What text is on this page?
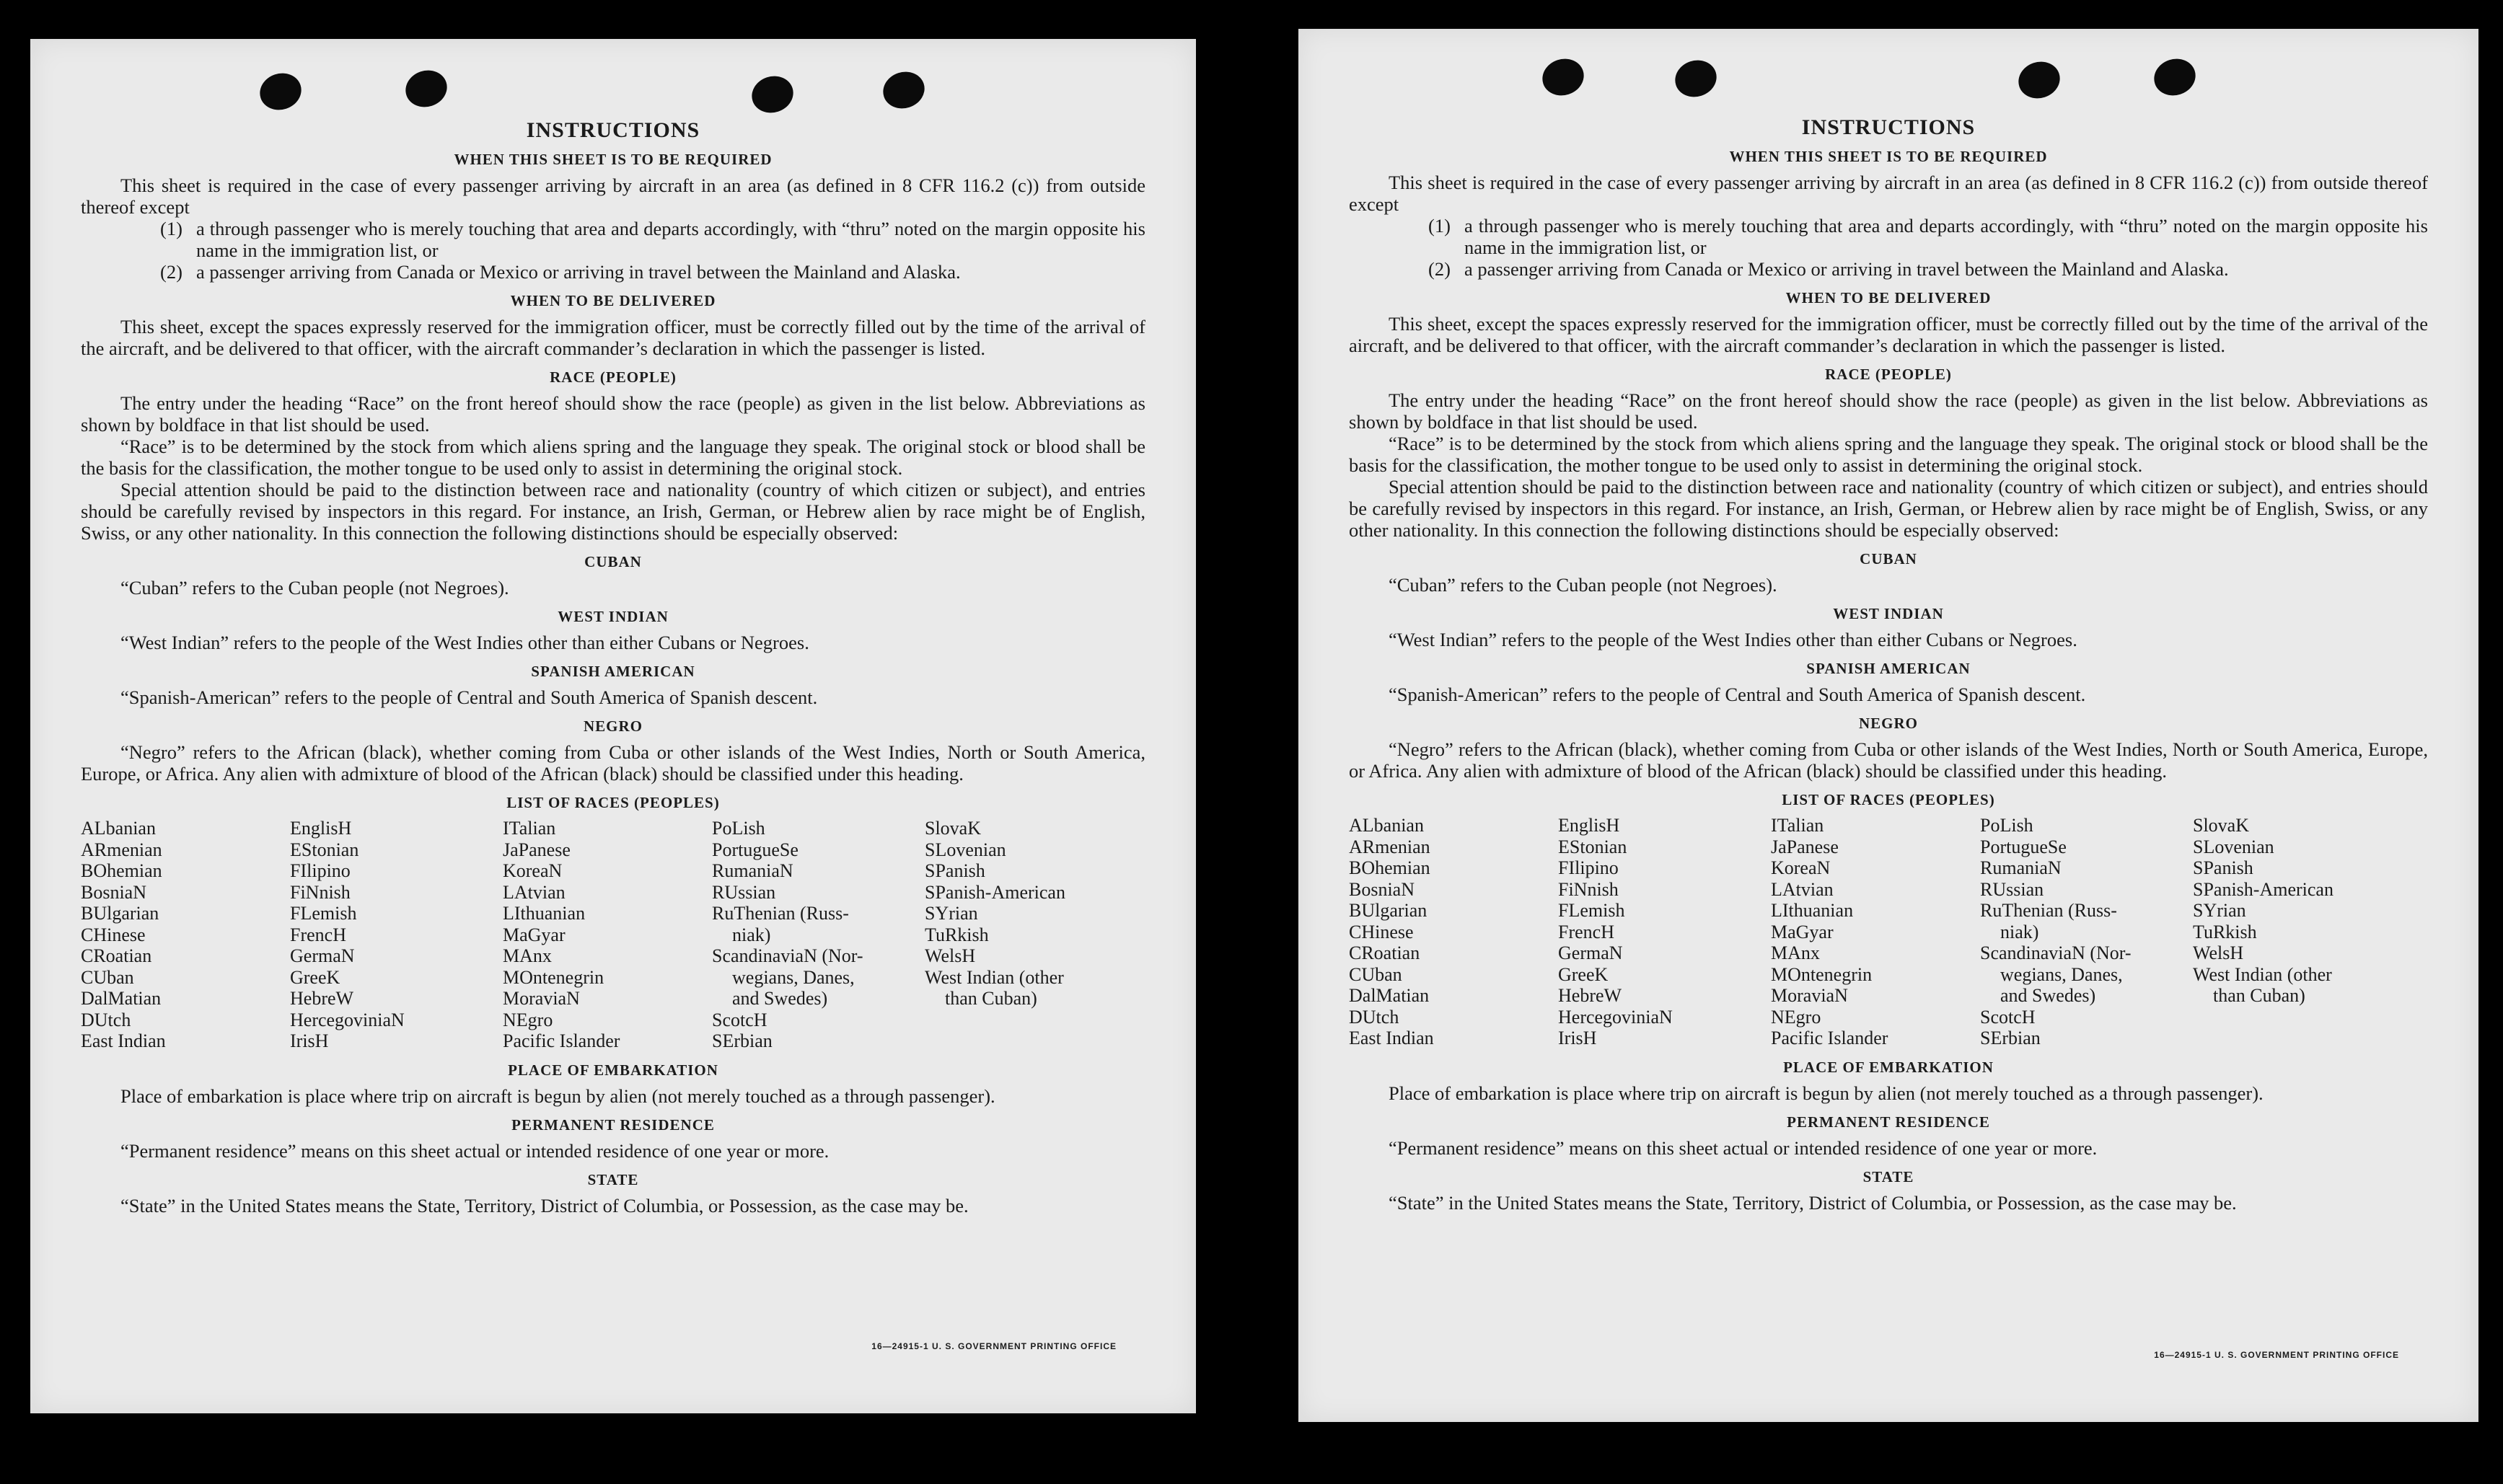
INSTRUCTIONS
WHEN THIS SHEET IS TO BE REQUIRED

This sheet is required in the case of every passenger arriving by aircraft in an area (as defined in 8 CFR 116.2 (c)) from outside thereof except

(1) a through passenger who is merely touching that area and departs accordingly, with “thru” noted on the margin opposite his name in the immigration list, or
(2) a passenger arriving from Canada or Mexico or arriving in travel between the Mainland and Alaska.
WHEN TO BE DELIVERED

This sheet, except the spaces expressly reserved for the immigration officer, must be correctly filled out by the time of the arrival of the aircraft, and be delivered to that officer, with the aircraft commander’s declaration in which the passenger is listed.

RACE (PEOPLE)

The entry under the heading “Race” on the front hereof should show the race (people) as given in the list below. Abbreviations as shown by boldface in that list should be used.

“Race” is to be determined by the stock from which aliens spring and the language they speak. The original stock or blood shall be the basis for the classification, the mother tongue to be used only to assist in determining the original stock.

Special attention should be paid to the distinction between race and nationality (country of which citizen or subject), and entries should be carefully revised by inspectors in this regard. For instance, an Irish, German, or Hebrew alien by race might be of English, Swiss, or any other nationality. In this connection the following distinctions should be especially observed:

CUBAN

“Cuban” refers to the Cuban people (not Negroes).

WEST INDIAN

“West Indian” refers to the people of the West Indies other than either Cubans or Negroes.

SPANISH AMERICAN

“Spanish-American” refers to the people of Central and South America of Spanish descent.

NEGRO

“Negro” refers to the African (black), whether coming from Cuba or other islands of the West Indies, North or South America, Europe, or Africa. Any alien with admixture of blood of the African (black) should be classified under this heading.

LIST OF RACES (PEOPLES)
ALbanian
ARmenian
BOhemian
BosniaN
BUlgarian
CHinese
CRoatian
CUban
DalMatian
DUtch
East Indian
EnglisH
EStonian
FIlipino
FiNnish
FLemish
FrencH
GermaN
GreeK
HebreW
HercegoviniaN
IrisH
ITalian
JaPanese
KoreaN
LAtvian
LIthuanian
MaGyar
MAnx
MOntenegrin
MoraviaN
NEgro
Pacific Islander
PoLish
PortugueSe
RumaniaN
RUssian
RuThenian (Russ-
niak)
ScandinaviaN (Nor-
wegians, Danes,
and Swedes)
ScotcH
SErbian
SlovaK
SLovenian
SPanish
SPanish-American
SYrian
TuRkish
WelsH
West Indian (other
than Cuban)
PLACE OF EMBARKATION

Place of embarkation is place where trip on aircraft is begun by alien (not merely touched as a through passenger).

PERMANENT RESIDENCE

“Permanent residence” means on this sheet actual or intended residence of one year or more.

STATE

“State” in the United States means the State, Territory, District of Columbia, or Possession, as the case may be.

16—24915-1 U. S. GOVERNMENT PRINTING OFFICE
INSTRUCTIONS
WHEN THIS SHEET IS TO BE REQUIRED

This sheet is required in the case of every passenger arriving by aircraft in an area (as defined in 8 CFR 116.2 (c)) from outside thereof except

(1) a through passenger who is merely touching that area and departs accordingly, with “thru” noted on the margin opposite his name in the immigration list, or
(2) a passenger arriving from Canada or Mexico or arriving in travel between the Mainland and Alaska.
WHEN TO BE DELIVERED

This sheet, except the spaces expressly reserved for the immigration officer, must be correctly filled out by the time of the arrival of the aircraft, and be delivered to that officer, with the aircraft commander’s declaration in which the passenger is listed.

RACE (PEOPLE)

The entry under the heading “Race” on the front hereof should show the race (people) as given in the list below. Abbreviations as shown by boldface in that list should be used.

“Race” is to be determined by the stock from which aliens spring and the language they speak. The original stock or blood shall be the basis for the classification, the mother tongue to be used only to assist in determining the original stock.

Special attention should be paid to the distinction between race and nationality (country of which citizen or subject), and entries should be carefully revised by inspectors in this regard. For instance, an Irish, German, or Hebrew alien by race might be of English, Swiss, or any other nationality. In this connection the following distinctions should be especially observed:

CUBAN

“Cuban” refers to the Cuban people (not Negroes).

WEST INDIAN

“West Indian” refers to the people of the West Indies other than either Cubans or Negroes.

SPANISH AMERICAN

“Spanish-American” refers to the people of Central and South America of Spanish descent.

NEGRO

“Negro” refers to the African (black), whether coming from Cuba or other islands of the West Indies, North or South America, Europe, or Africa. Any alien with admixture of blood of the African (black) should be classified under this heading.

LIST OF RACES (PEOPLES)
ALbanian
ARmenian
BOhemian
BosniaN
BUlgarian
CHinese
CRoatian
CUban
DalMatian
DUtch
East Indian
EnglisH
EStonian
FIlipino
FiNnish
FLemish
FrencH
GermaN
GreeK
HebreW
HercegoviniaN
IrisH
ITalian
JaPanese
KoreaN
LAtvian
LIthuanian
MaGyar
MAnx
MOntenegrin
MoraviaN
NEgro
Pacific Islander
PoLish
PortugueSe
RumaniaN
RUssian
RuThenian (Russ-
niak)
ScandinaviaN (Nor-
wegians, Danes,
and Swedes)
ScotcH
SErbian
SlovaK
SLovenian
SPanish
SPanish-American
SYrian
TuRkish
WelsH
West Indian (other
than Cuban)
PLACE OF EMBARKATION

Place of embarkation is place where trip on aircraft is begun by alien (not merely touched as a through passenger).

PERMANENT RESIDENCE

“Permanent residence” means on this sheet actual or intended residence of one year or more.

STATE

“State” in the United States means the State, Territory, District of Columbia, or Possession, as the case may be.

16—24915-1 U. S. GOVERNMENT PRINTING OFFICE
